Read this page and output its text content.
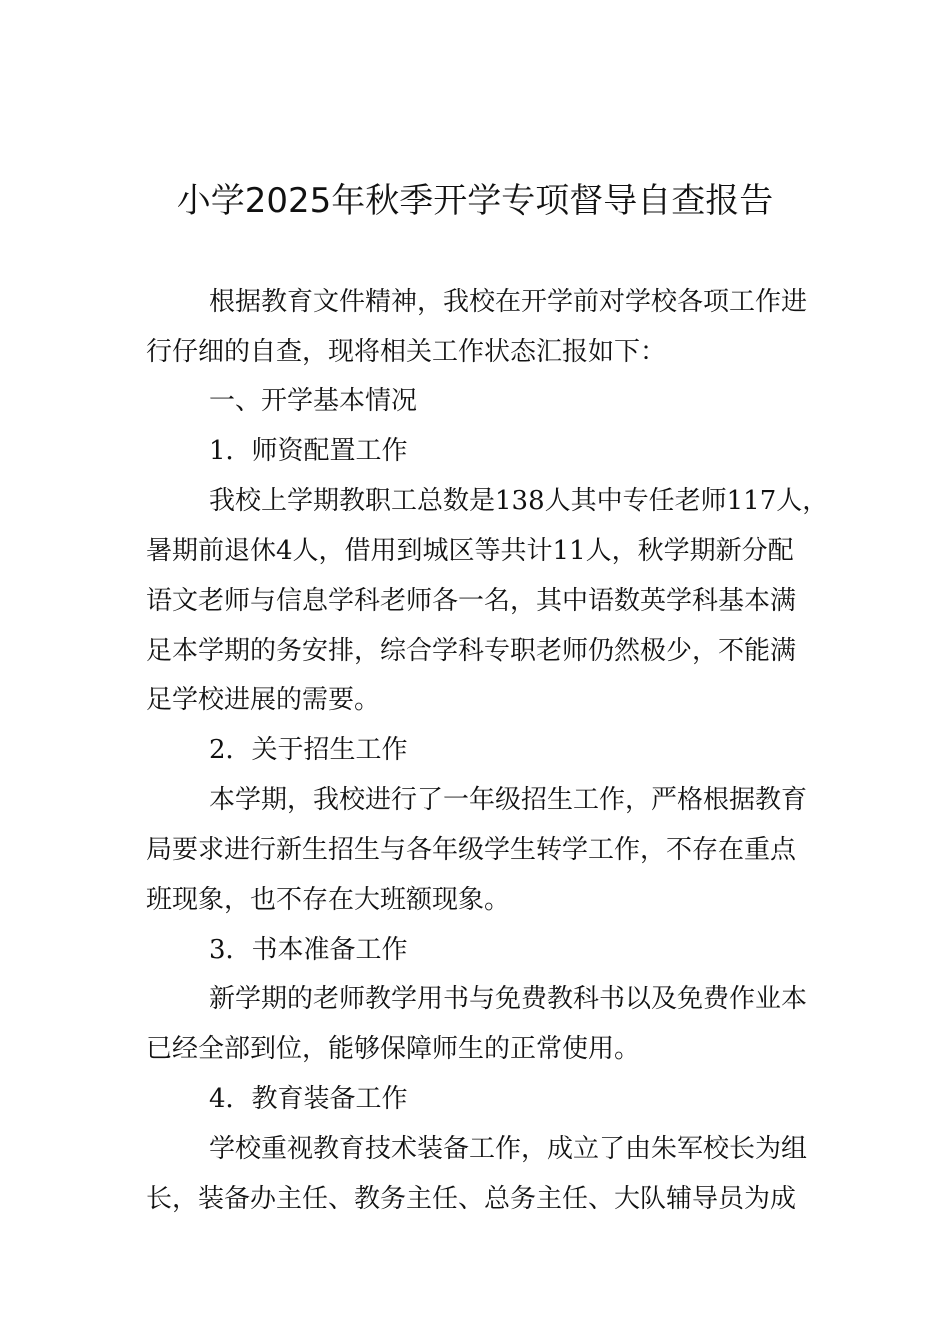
小学2025年秋季开学专项督导自查报告
根据教育文件精神，我校在开学前对学校各项工作进
行仔细的自查，现将相关工作状态汇报如下：
一、开学基本情况
1．师资配置工作
我校上学期教职工总数是138人其中专任老师117人，
暑期前退休4人，借用到城区等共计11人，秋学期新分配
语文老师与信息学科老师各一名，其中语数英学科基本满
足本学期的务安排，综合学科专职老师仍然极少，不能满
足学校进展的需要。
2．关于招生工作
本学期，我校进行了一年级招生工作，严格根据教育
局要求进行新生招生与各年级学生转学工作，不存在重点
班现象，也不存在大班额现象。
3．书本准备工作
新学期的老师教学用书与免费教科书以及免费作业本
已经全部到位，能够保障师生的正常使用。
4．教育装备工作
学校重视教育技术装备工作，成立了由朱军校长为组
长，装备办主任、教务主任、总务主任、大队辅导员为成
